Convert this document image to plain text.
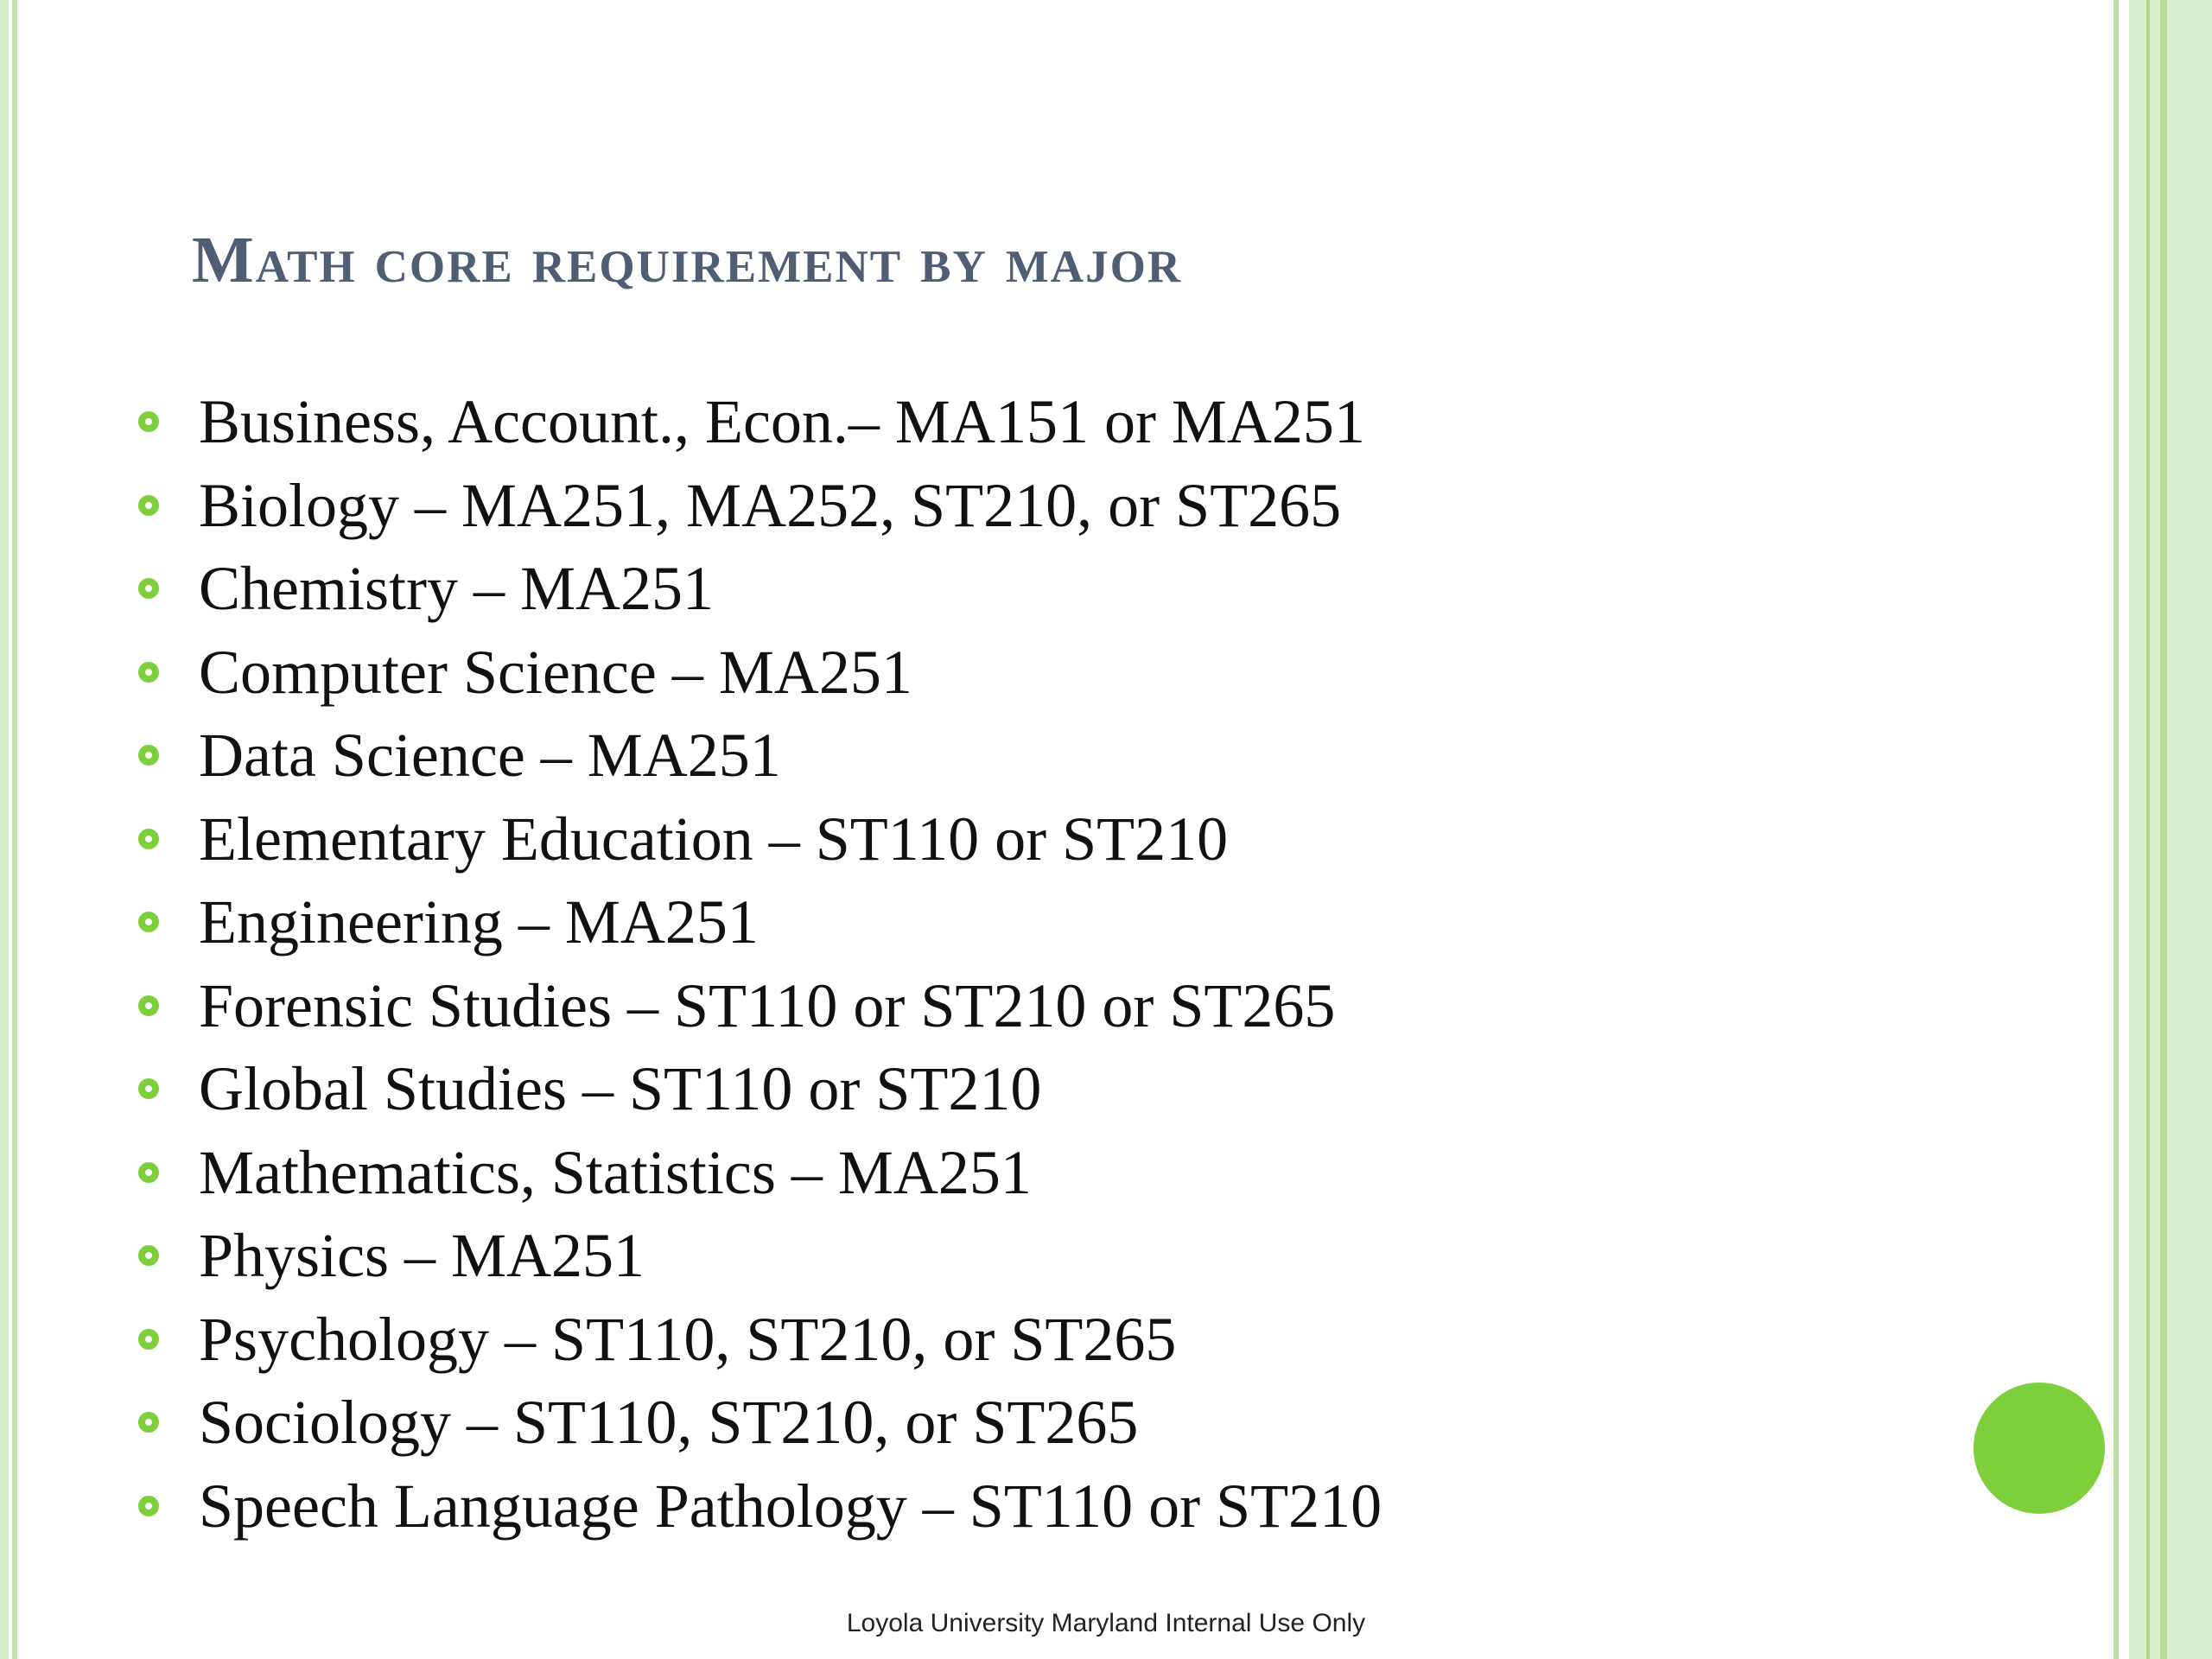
Math core requirement by major
Business, Account., Econ.– MA151 or MA251
Biology – MA251, MA252, ST210, or ST265
Chemistry – MA251
Computer Science – MA251
Data Science – MA251
Elementary Education – ST110 or ST210
Engineering – MA251
Forensic Studies – ST110 or ST210 or ST265
Global Studies – ST110 or ST210
Mathematics, Statistics – MA251
Physics – MA251
Psychology – ST110, ST210, or ST265
Sociology – ST110, ST210, or ST265
Speech Language Pathology – ST110 or ST210
Loyola University Maryland Internal Use Only
